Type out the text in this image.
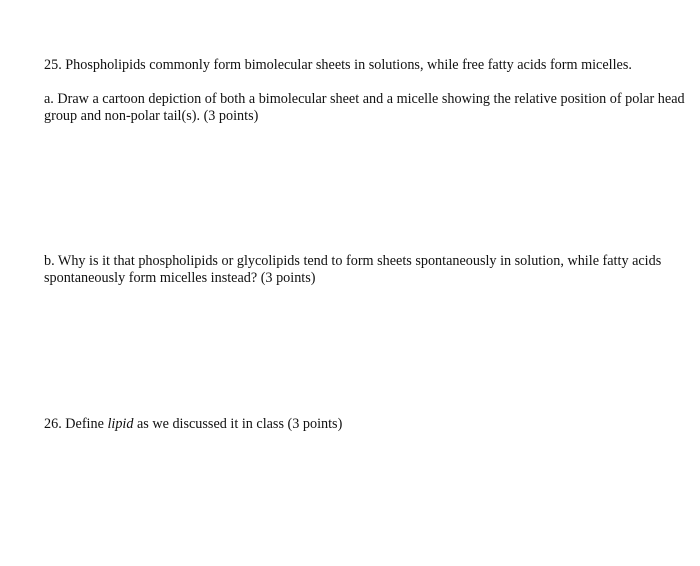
25. Phospholipids commonly form bimolecular sheets in solutions, while free fatty acids form micelles.
a. Draw a cartoon depiction of both a bimolecular sheet and a micelle showing the relative position of polar head
group and non-polar tail(s). (3 points)
b. Why is it that phospholipids or glycolipids tend to form sheets spontaneously in solution, while fatty acids
spontaneously form micelles instead? (3 points)
26. Define lipid as we discussed it in class (3 points)
